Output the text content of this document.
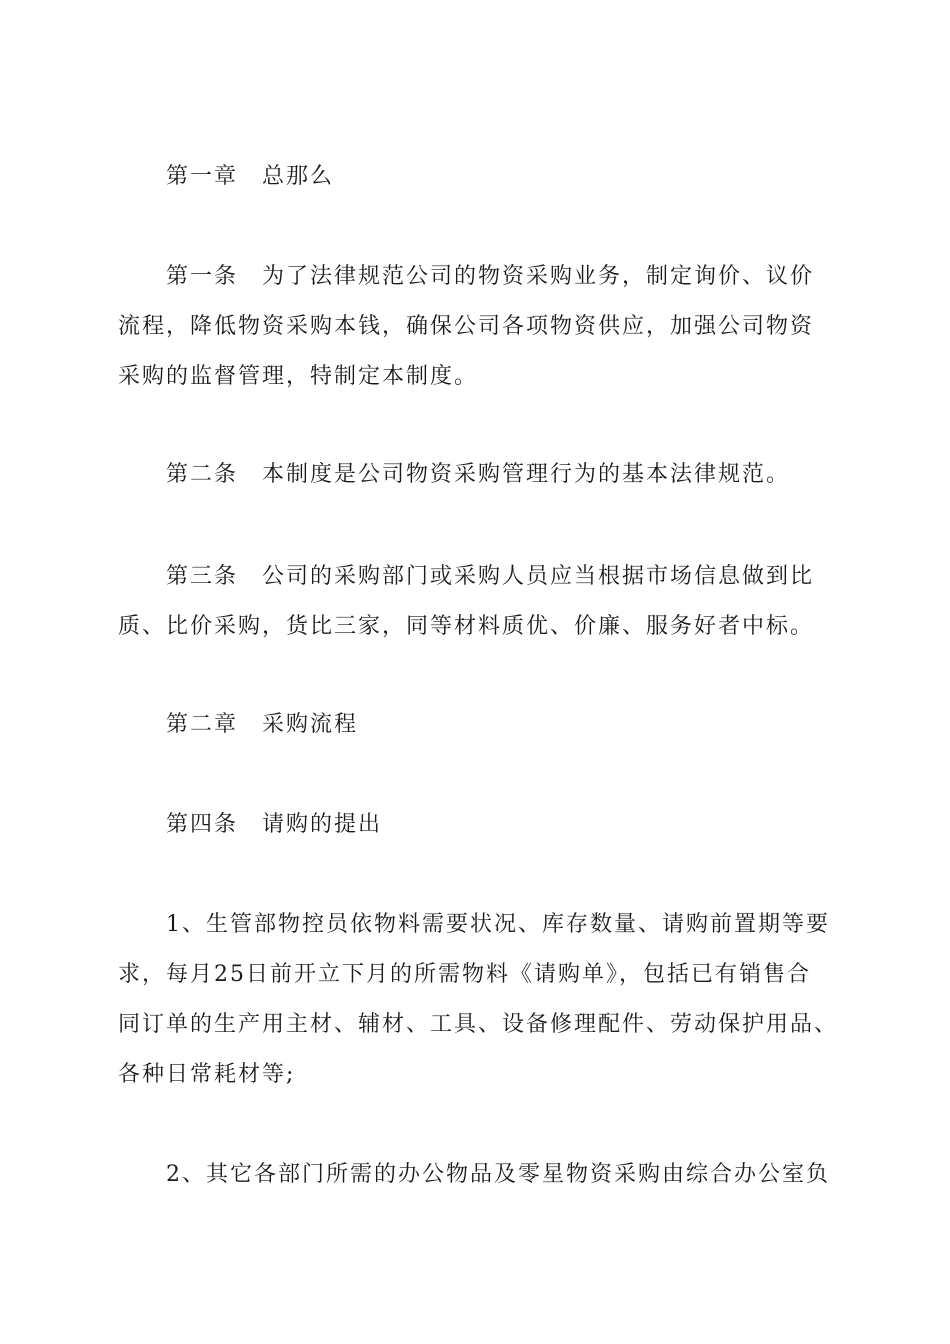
第一章　总那么
第一条　为了法律规范公司的物资采购业务，制定询价、议价
流程，降低物资采购本钱，确保公司各项物资供应，加强公司物资
采购的监督管理，特制定本制度。
第二条　本制度是公司物资采购管理行为的基本法律规范。
第三条　公司的采购部门或采购人员应当根据市场信息做到比
质、比价采购，货比三家，同等材料质优、价廉、服务好者中标。
第二章　采购流程
第四条　请购的提出
1、生管部物控员依物料需要状况、库存数量、请购前置期等要
求，每月25日前开立下月的所需物料《请购单》，包括已有销售合
同订单的生产用主材、辅材、工具、设备修理配件、劳动保护用品、
各种日常耗材等;
2、其它各部门所需的办公物品及零星物资采购由综合办公室负
